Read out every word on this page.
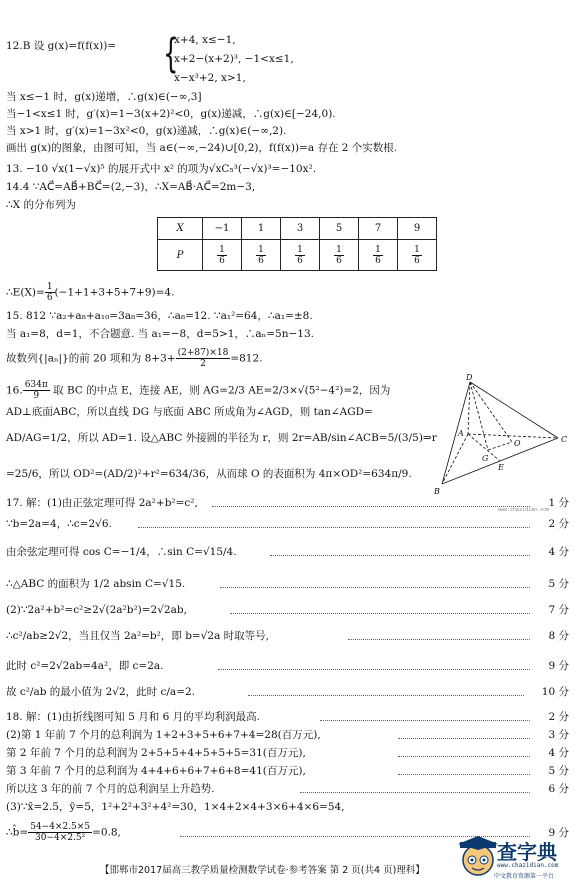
12.B 设 g(x)=f(f(x))=	{
x+4, x≤−1,
x+2−(x+2)³, −1<x≤1,
x−x³+2, x>1,
当 x≤−1 时，g(x)递增，∴g(x)∈(−∞,3]
当−1<x≤1 时，g′(x)=1−3(x+2)²<0，g(x)递减，∴g(x)∈[−24,0).
当 x>1 时，g′(x)=1−3x²<0，g(x)递减，∴g(x)∈(−∞,2).
画出 g(x)的图象，由图可知，当 a∈(−∞,−24)∪[0,2)，f(f(x))=a 存在 2 个实数根.
13. −10 √x(1−√x)⁵ 的展开式中 x² 的项为√xC₅³(−√x)³=−10x².
14.4 ∵AC⃗=AB⃗+BC⃗=(2,−3)，∴X=AB⃗·AC⃗=2m−3,
∴X 的分布列为
X	−1	1	3	5	7	9
P	$\frac{1}{6}$	$\frac{1}{6}$	$\frac{1}{6}$	$\frac{1}{6}$	$\frac{1}{6}$	$\frac{1}{6}$
∴E(X)= $\frac{1}{6} (-1+1+3+5+7+9)=4$.
15. 812 ∵a₂+a₈+a₁₀=3a₈=36，∴a₈=12. ∵a₁²=64，∴a₁=±8.
当 a₁=8，d=1，不合题意. 当 a₁=−8，d=5>1，∴aₙ=5n−13.
故数列{|aₙ|}的前 20 项和为 $8+3+ \frac{(2+87)\times 18}{2} =812$.
16. $\frac{634\pi}{9}$ 取 BC 的中点 E，连接 AE，则 AG=2/3 AE=2/3×√(5²−4²)=2，因为
AD⊥底面ABC，所以直线 DG 与底面 ABC 所成角为∠AGD，则 tan∠AGD=
AD/AG=1/2，所以 AD=1. 设△ABC 外接圆的半径为 r，则 2r=AB/sin∠ACB=5/(3/5)⇒r
=25/6，所以 OD²=(AD/2)²+r²=634/36，从而球 O 的表面积为 4π×OD²=634π/9.
D
A
C
E
G
O
B
www.chazidian.com
17. 解：(1)由正弦定理可得 2a²+b²=c²,	1 分
∵b=2a=4，∴c=2√6.	2 分
由余弦定理可得 cos C=−1/4，∴sin C=√15/4.	4 分
∴△ABC 的面积为 1/2 absin C=√15.	5 分
(2)∵2a²+b²=c²≥2√(2a²b²)=2√2ab,	7 分
∴c²/ab≥2√2，当且仅当 2a²=b²，即 b=√2a 时取等号,	8 分
此时 c²=2√2ab=4a²，即 c=2a.	9 分
故 c²/ab 的最小值为 2√2，此时 c/a=2.	10 分
18. 解：(1)由折线图可知 5 月和 6 月的平均利润最高.	2 分
(2)第 1 年前 7 个月的总利润为 1+2+3+5+6+7+4=28(百万元),	3 分
第 2 年前 7 个月的总利润为 2+5+5+4+5+5+5=31(百万元),	4 分
第 3 年前 7 个月的总利润为 4+4+6+6+7+6+8=41(百万元),	5 分
所以这 3 年的前 7 个月的总利润呈上升趋势.	6 分
(3)∵x̄=2.5，ȳ=5，1²+2²+3²+4²=30，1×4+2×4+3×6+4×6=54,
∴b̂= $\frac{54-4\times 2.5\times 5}{\text{30−4×2.5²}} =0.8$,	9 分
【邯郸市2017届高三教学质量检测数学试卷·参考答案 第 2 页(共4 页)理科】
查字典
www.chazidian.com
中文教育资源第一平台
